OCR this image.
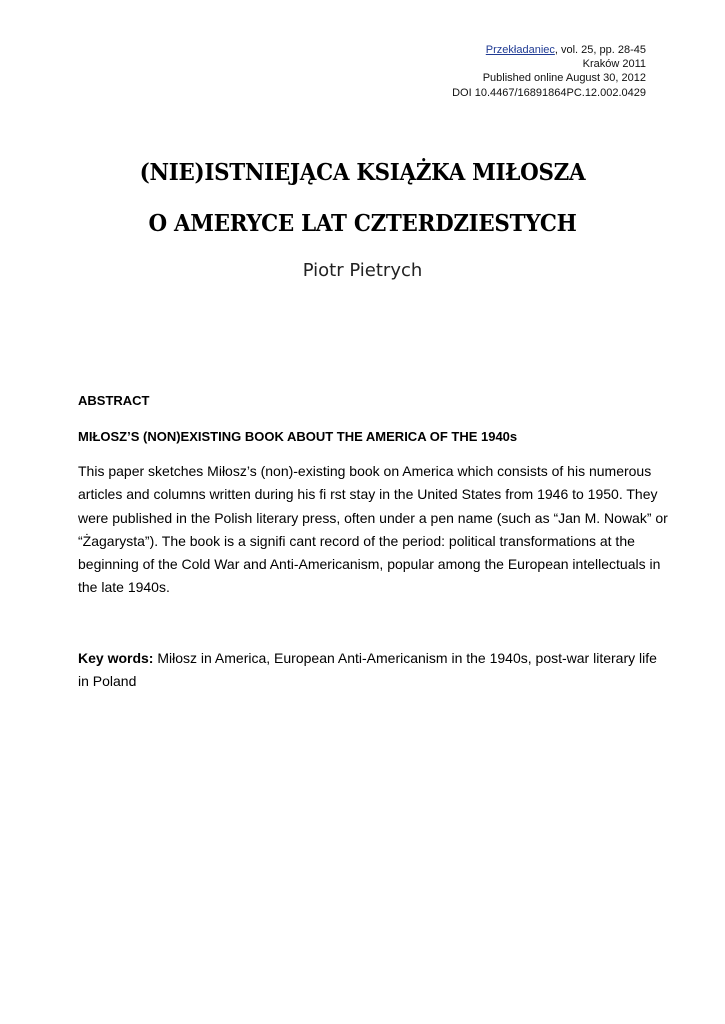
Przekładaniec, vol. 25, pp. 28-45
Kraków 2011
Published online August 30, 2012
DOI 10.4467/16891864PC.12.002.0429
(NIE)ISTNIEJĄCA KSIĄŻKA MIŁOSZA
O AMERYCE LAT CZTERDZIESTYCH
Piotr Pietrych
ABSTRACT
MIŁOSZ’S (NON)EXISTING BOOK ABOUT THE AMERICA OF THE 1940s
This paper sketches Miłosz’s (non)-existing book on America which consists of his numerous
articles and columns written during his fi rst stay in the United States from 1946 to 1950. They
were published in the Polish literary press, often under a pen name (such as “Jan M. Nowak” or
“Żagarysta”). The book is a signifi cant record of the period: political transformations at the
beginning of the Cold War and Anti-Americanism, popular among the European intellectuals in
the late 1940s.
Key words: Miłosz in America, European Anti-Americanism in the 1940s, post-war literary life in Poland
